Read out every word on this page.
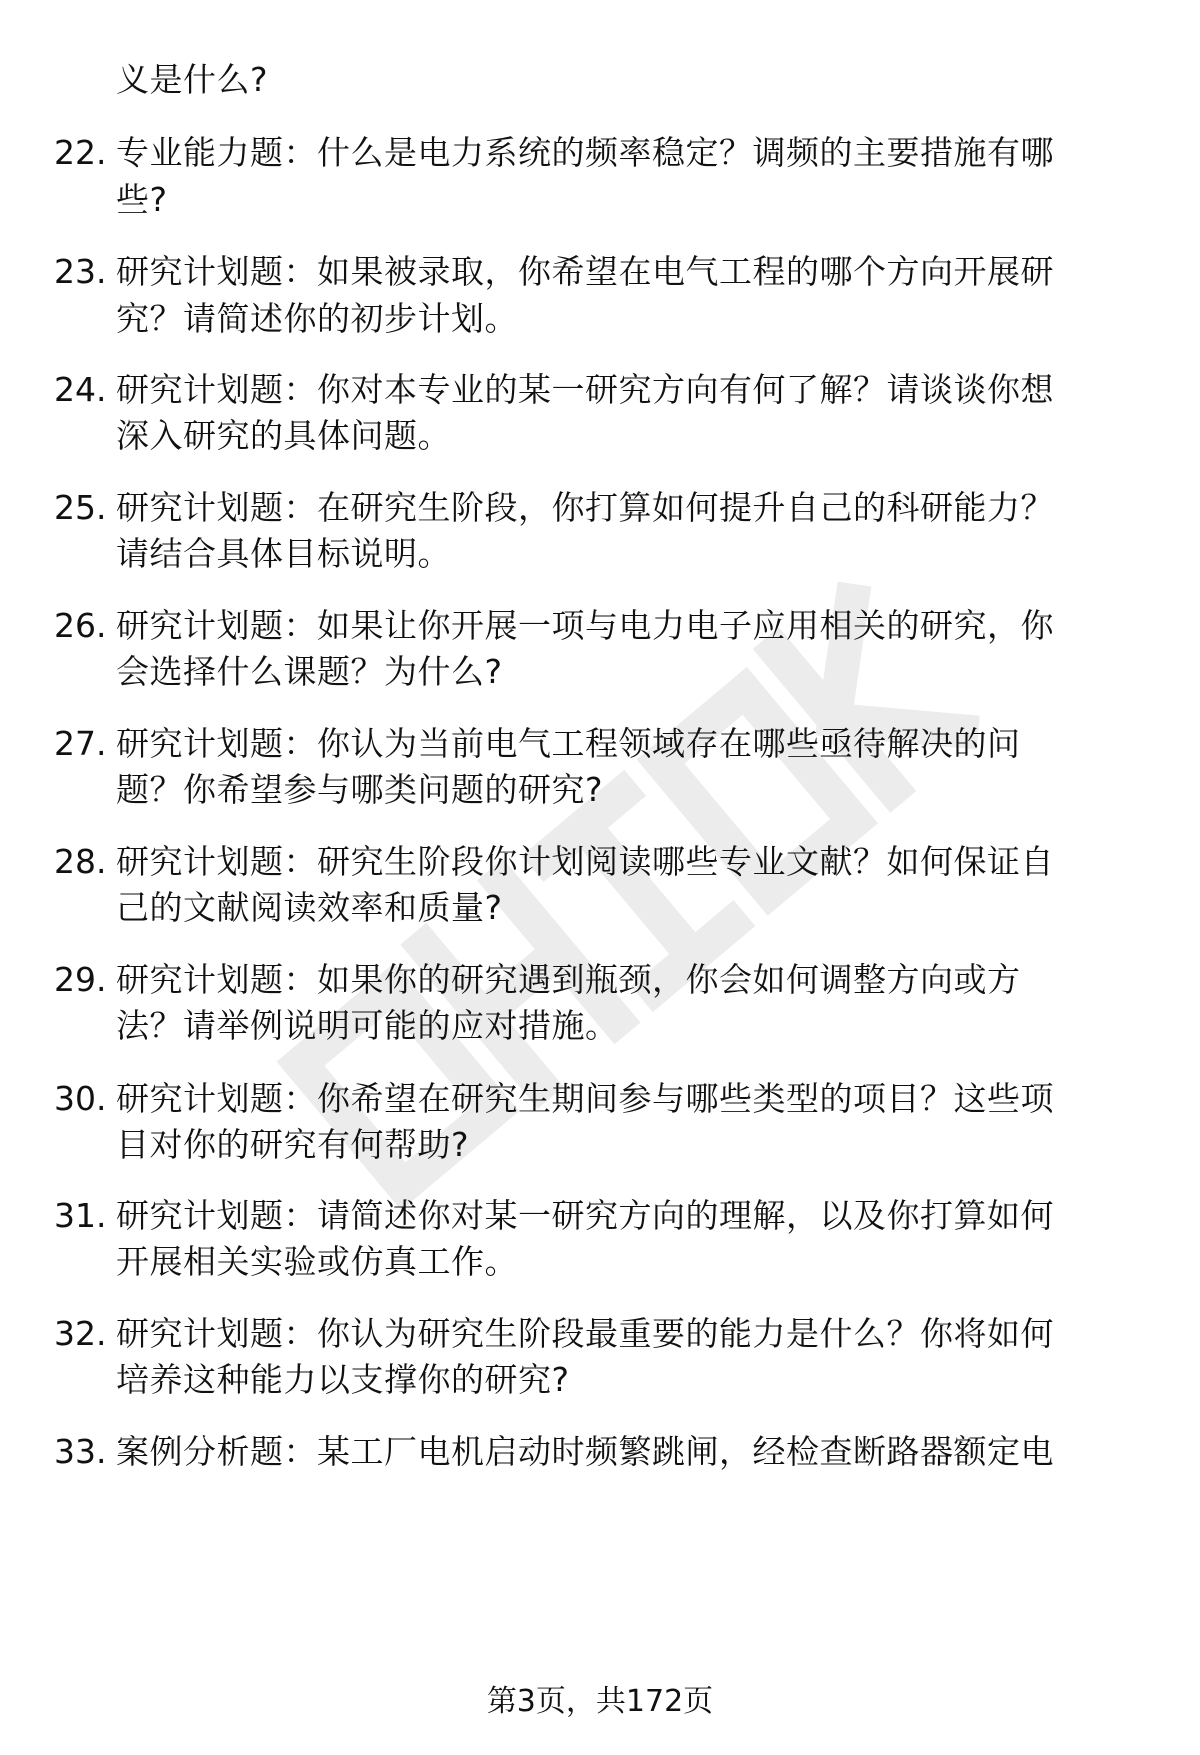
义是什么?
22. 专业能力题：什么是电力系统的频率稳定？调频的主要措施有哪
些?
23. 研究计划题：如果被录取，你希望在电气工程的哪个方向开展研
究？请简述你的初步计划。
24. 研究计划题：你对本专业的某一研究方向有何了解？请谈谈你想
深入研究的具体问题。
25. 研究计划题：在研究生阶段，你打算如何提升自己的科研能力？
请结合具体目标说明。
26. 研究计划题：如果让你开展一项与电力电子应用相关的研究，你
会选择什么课题？为什么?
27. 研究计划题：你认为当前电气工程领域存在哪些亟待解决的问
题？你希望参与哪类问题的研究?
28. 研究计划题：研究生阶段你计划阅读哪些专业文献？如何保证自
己的文献阅读效率和质量?
29. 研究计划题：如果你的研究遇到瓶颈，你会如何调整方向或方
法？请举例说明可能的应对措施。
30. 研究计划题：你希望在研究生期间参与哪些类型的项目？这些项
目对你的研究有何帮助?
31. 研究计划题：请简述你对某一研究方向的理解，以及你打算如何
开展相关实验或仿真工作。
32. 研究计划题：你认为研究生阶段最重要的能力是什么？你将如何
培养这种能力以支撑你的研究?
33. 案例分析题：某工厂电机启动时频繁跳闸，经检查断路器额定电
第3页，共172页
